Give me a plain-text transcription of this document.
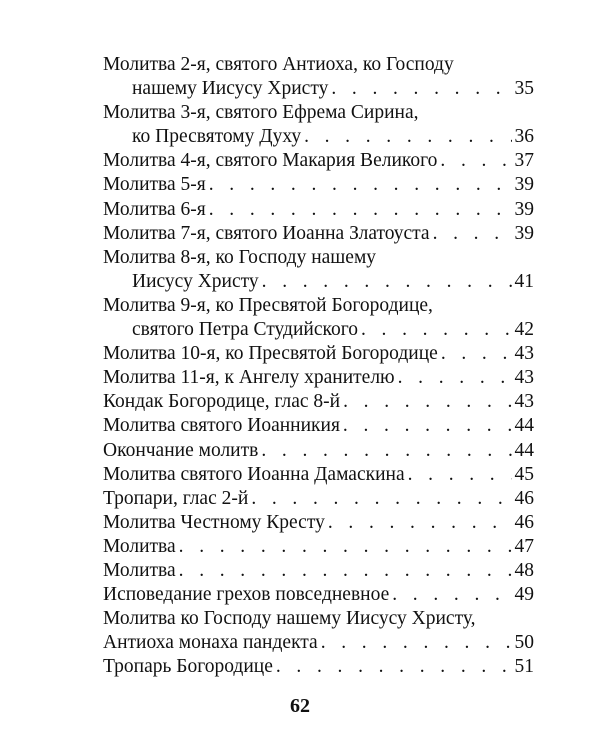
Молитва 2-я, святого Антиоха, ко Господу
нашему Иисусу Христу . . .	35
Молитва 3-я, святого Ефрема Сирина,
ко Пресвятому Духу . . .	36
Молитва 4-я, святого Макария Великого . . .	37
Молитва 5-я . . .	39
Молитва 6-я . . .	39
Молитва 7-я, святого Иоанна Златоуста . . .	39
Молитва 8-я, ко Господу нашему
Иисусу Христу . . .	41
Молитва 9-я, ко Пресвятой Богородице,
святого Петра Студийского . . .	42
Молитва 10-я, ко Пресвятой Богородице . . .	43
Молитва 11-я, к Ангелу хранителю . . .	43
Кондак Богородице, глас 8-й . . .	43
Молитва святого Иоанникия . . .	44
Окончание молитв . . .	44
Молитва святого Иоанна Дамаскина . . .	45
Тропари, глас 2-й . . .	46
Молитва Честному Кресту . . .	46
Молитва . . .	47
Молитва . . .	48
Исповедание грехов повседневное . . .	49
Молитва ко Господу нашему Иисусу Христу,
Антиоха монаха пандекта . . .	50
Тропарь Богородице . . .	51
62
